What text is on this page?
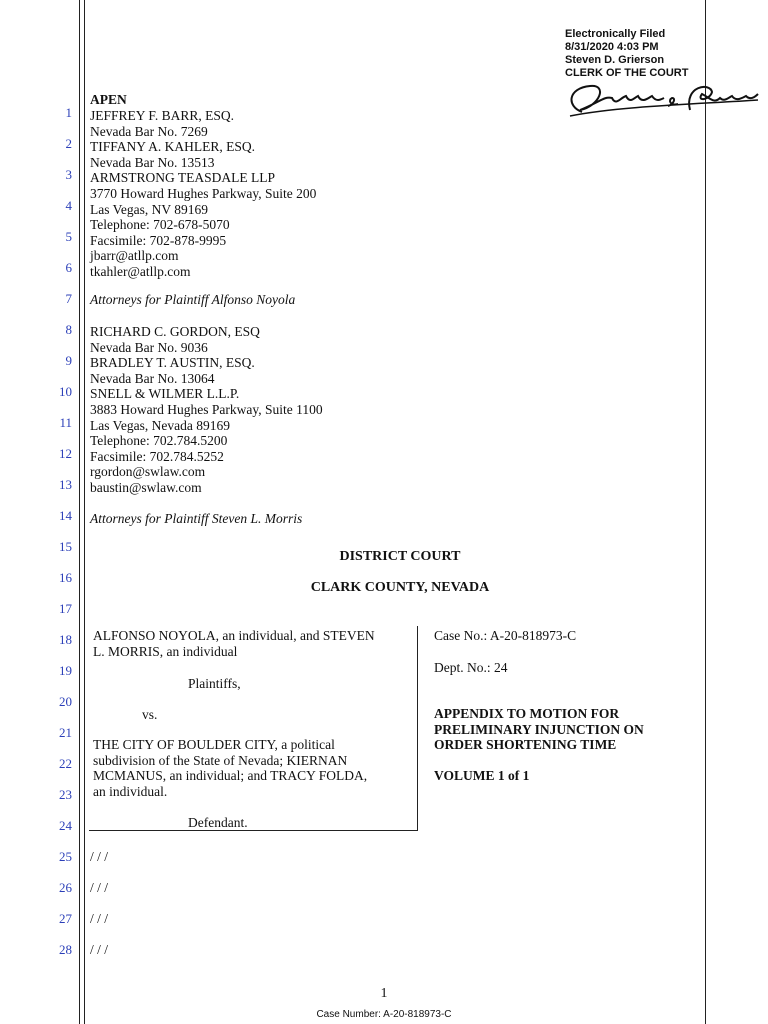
Electronically Filed
8/31/2020 4:03 PM
Steven D. Grierson
CLERK OF THE COURT
1
2
3
4
5
6
7
8
9
10
11
12
13
14
15
16
17
18
19
20
21
22
23
24
25
26
27
28
APEN
JEFFREY F. BARR, ESQ.
Nevada Bar No. 7269
TIFFANY A. KAHLER, ESQ.
Nevada Bar No. 13513
ARMSTRONG TEASDALE LLP
3770 Howard Hughes Parkway, Suite 200
Las Vegas, NV 89169
Telephone: 702-678-5070
Facsimile: 702-878-9995
jbarr@atllp.com
tkahler@atllp.com
Attorneys for Plaintiff Alfonso Noyola
RICHARD C. GORDON, ESQ
Nevada Bar No. 9036
BRADLEY T. AUSTIN, ESQ.
Nevada Bar No. 13064
SNELL & WILMER L.L.P.
3883 Howard Hughes Parkway, Suite 1100
Las Vegas, Nevada 89169
Telephone: 702.784.5200
Facsimile: 702.784.5252
rgordon@swlaw.com
baustin@swlaw.com
Attorneys for Plaintiff Steven L. Morris
DISTRICT COURT
CLARK COUNTY, NEVADA
ALFONSO NOYOLA, an individual, and STEVEN
L. MORRIS, an individual
Plaintiffs,
vs.
THE CITY OF BOULDER CITY, a political
subdivision of the State of Nevada; KIERNAN
MCMANUS, an individual; and TRACY FOLDA,
an individual.
Defendant.
Case No.: A-20-818973-C
Dept. No.: 24
APPENDIX TO MOTION FOR
PRELIMINARY INJUNCTION ON
ORDER SHORTENING TIME
VOLUME 1 of 1
/ / /
/ / /
/ / /
/ / /
1
Case Number: A-20-818973-C
